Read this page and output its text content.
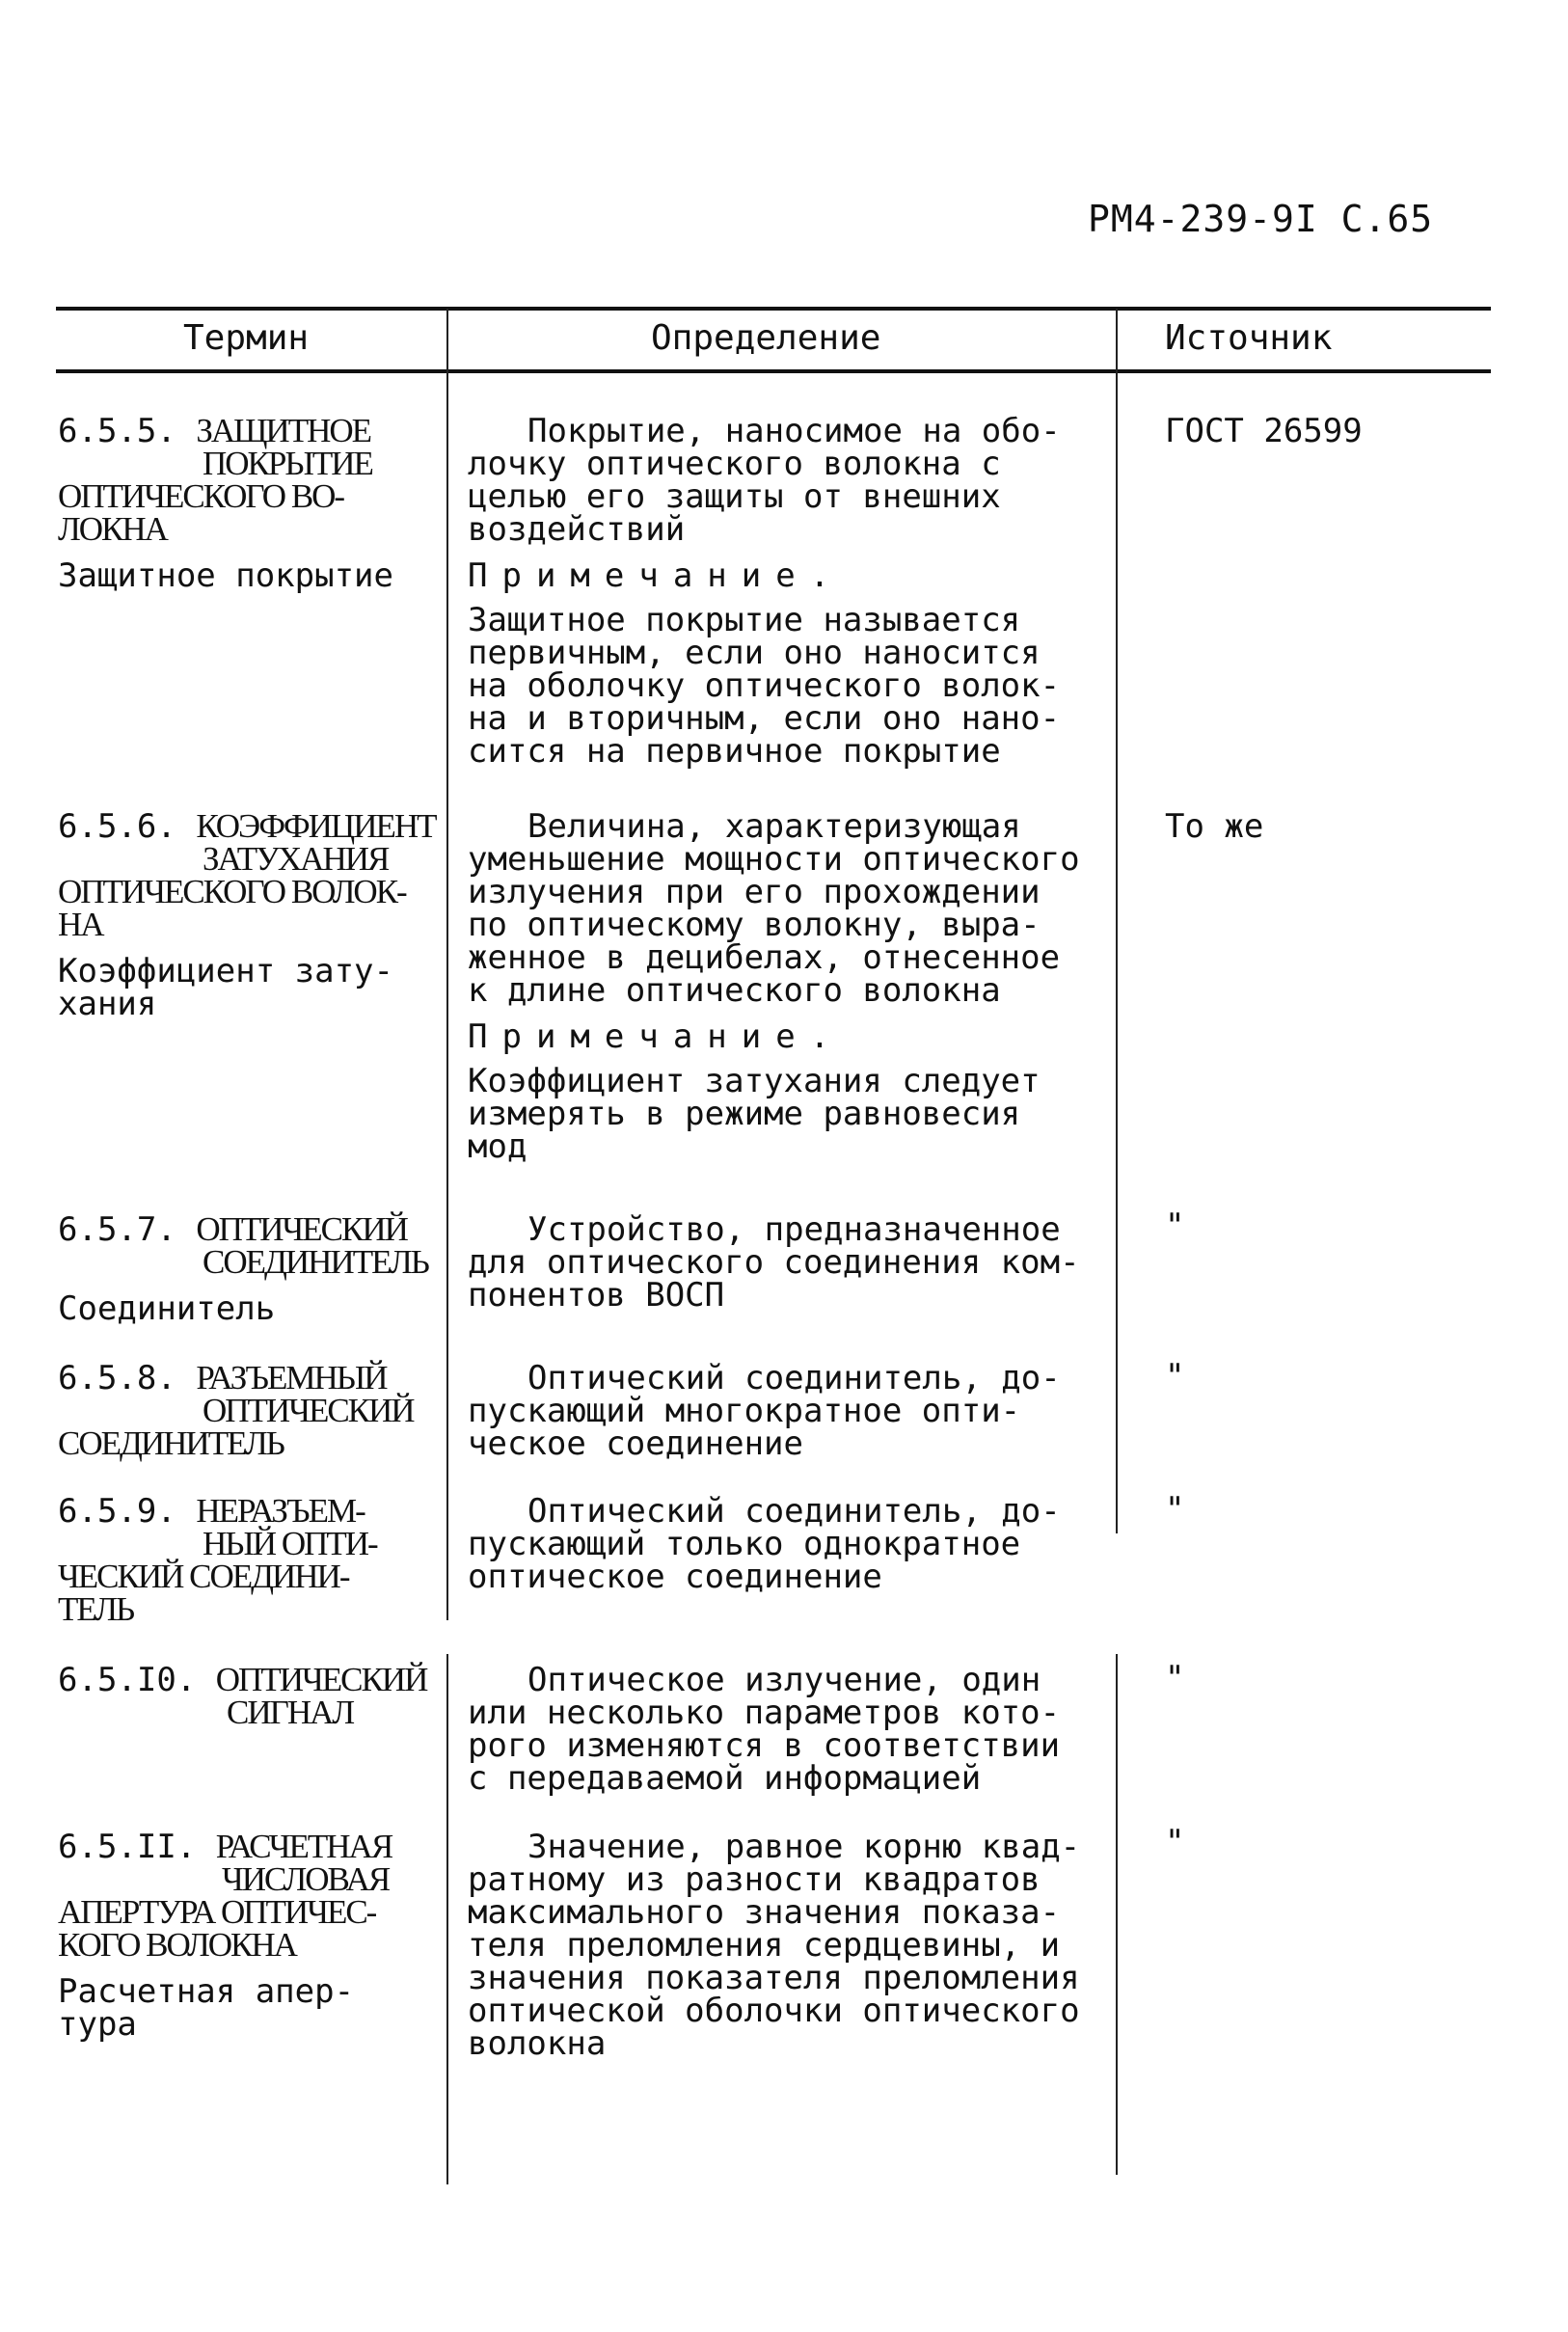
РМ4-239-9I С.65
Термин	Определение	Источник
6.5.5. ЗАЩИТНОЕ
ПОКРЫТИЕ
ОПТИЧЕСКОГО ВО-
ЛОКНА
Защитное покрытие
Покрытие, наносимое на обо-
лочку оптического волокна с
целью его защиты от внешних
воздействий
Примечание.
Защитное покрытие называется
первичным, если оно наносится
на оболочку оптического волок-
на и вторичным, если оно нано-
сится на первичное покрытие
ГОСТ 26599
6.5.6. КОЭФФИЦИЕНТ
ЗАТУХАНИЯ
ОПТИЧЕСКОГО ВОЛОК-
НА
Коэффициент зату-
хания
Величина, характеризующая
уменьшение мощности оптического
излучения при его прохождении
по оптическому волокну, выра-
женное в децибелах, отнесенное
к длине оптического волокна
Примечание.
Коэффициент затухания следует
измерять в режиме равновесия
мод
То же
6.5.7. ОПТИЧЕСКИЙ
СОЕДИНИТЕЛЬ
Соединитель
Устройство, предназначенное
для оптического соединения ком-
понентов ВОСП
"
6.5.8. РАЗЪЕМНЫЙ
ОПТИЧЕСКИЙ
СОЕДИНИТЕЛЬ
Оптический соединитель, до-
пускающий многократное опти-
ческое соединение
"
6.5.9. НЕРАЗЪЕМ-
НЫЙ ОПТИ-
ЧЕСКИЙ СОЕДИНИ-
ТЕЛЬ
Оптический соединитель, до-
пускающий только однократное
оптическое соединение
"
6.5.I0. ОПТИЧЕСКИЙ
СИГНАЛ
Оптическое излучение, один
или несколько параметров кото-
рого изменяются в соответствии
с передаваемой информацией
"
6.5.II. РАСЧЕТНАЯ
ЧИСЛОВАЯ
АПЕРТУРА ОПТИЧЕС-
КОГО ВОЛОКНА
Расчетная апер-
тура
Значение, равное корню квад-
ратному из разности квадратов
максимального значения показа-
теля преломления сердцевины, и
значения показателя преломления
оптической оболочки оптического
волокна
"
